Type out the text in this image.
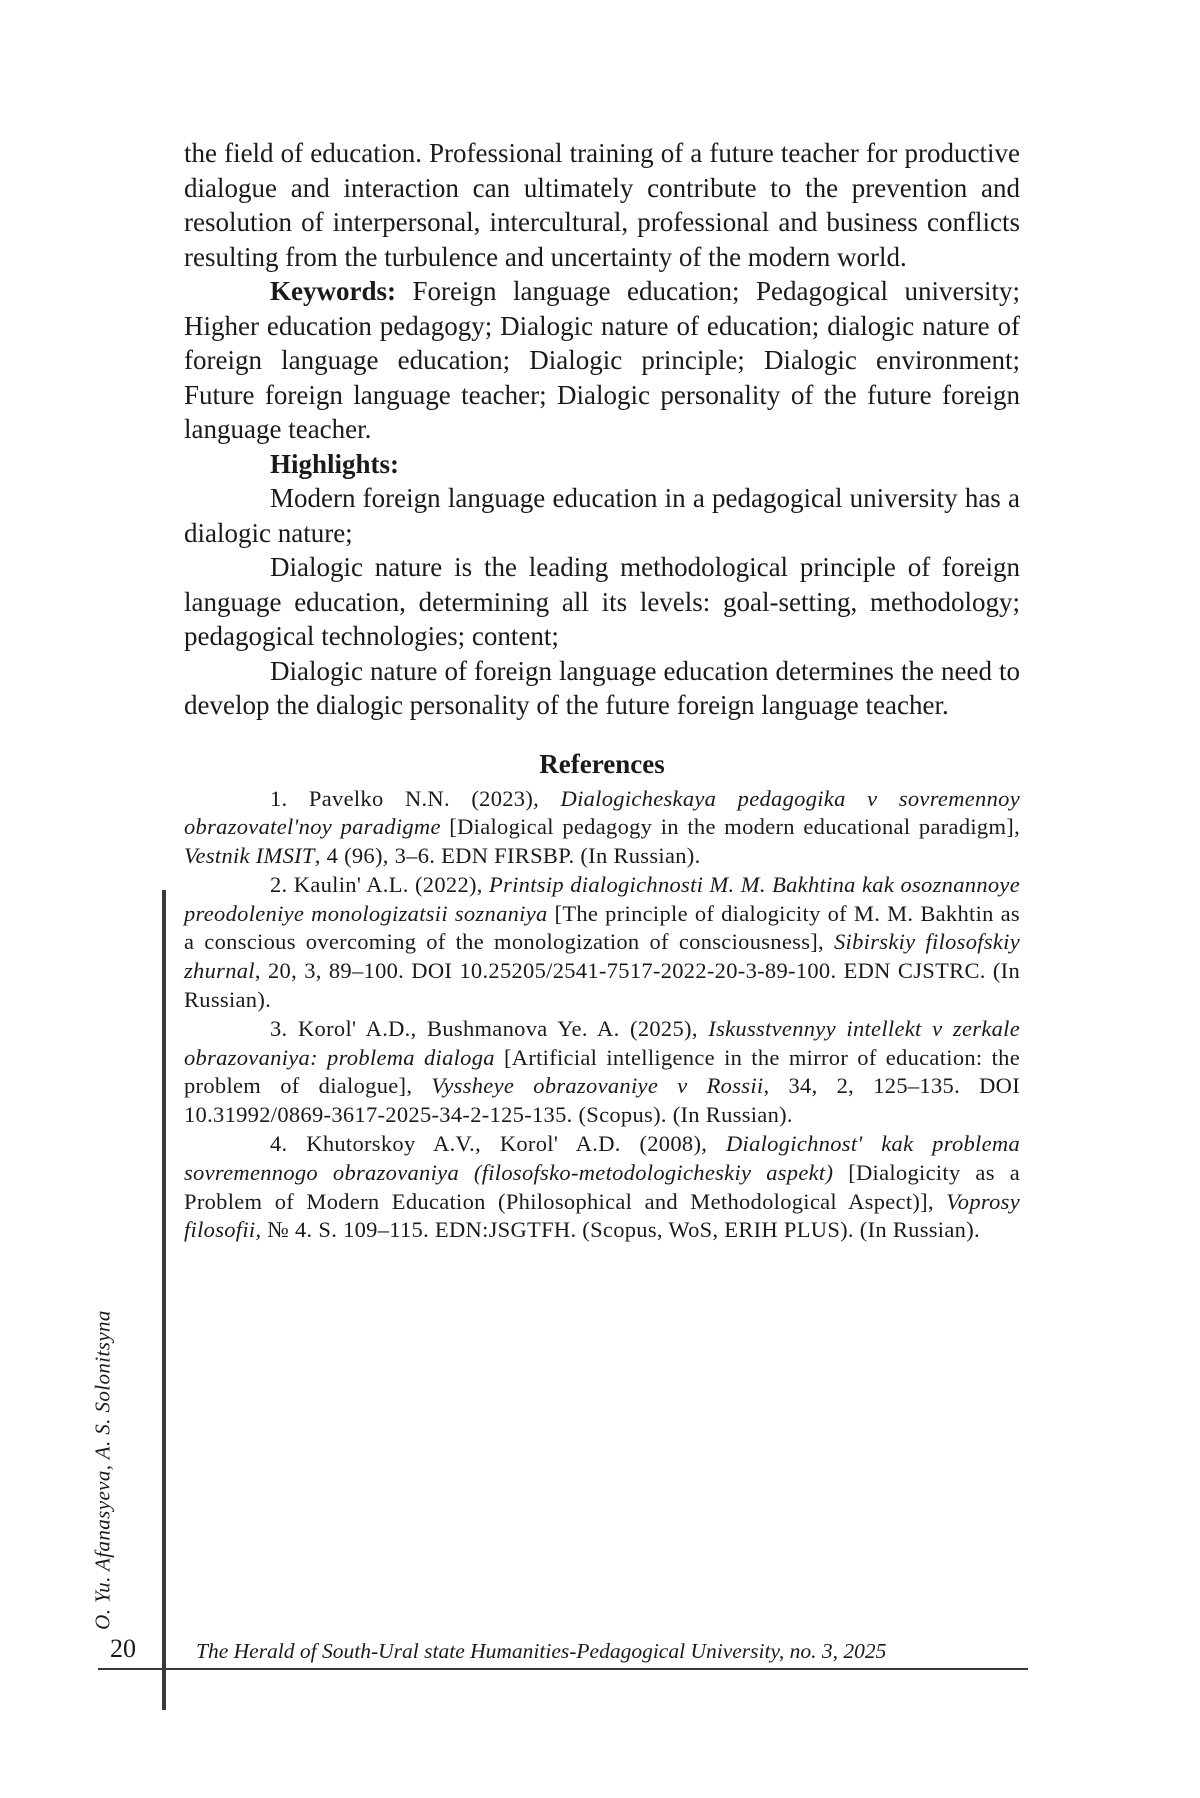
the field of education. Professional training of a future teacher for productive dialogue and interaction can ultimately contribute to the prevention and resolution of interpersonal, intercultural, professional and business conflicts resulting from the turbulence and uncertainty of the modern world.

Keywords: Foreign language education; Pedagogical university; Higher education pedagogy; Dialogic nature of education; dialogic nature of foreign language education; Dialogic principle; Dialogic environment; Future foreign language teacher; Dialogic personality of the future foreign language teacher.

Highlights:

Modern foreign language education in a pedagogical university has a dialogic nature;

Dialogic nature is the leading methodological principle of foreign language education, determining all its levels: goal-setting, methodology; pedagogical technologies; content;

Dialogic nature of foreign language education determines the need to develop the dialogic personality of the future foreign language teacher.

References

1. Pavelko N.N. (2023), Dialogicheskaya pedagogika v sovremennoy obrazovatel'noy paradigme [Dialogical pedagogy in the modern educational paradigm], Vestnik IMSIT, 4 (96), 3–6. EDN FIRSBP. (In Russian).

2. Kaulin' A.L. (2022), Printsip dialogichnosti M. M. Bakhtina kak osoznannoye preodoleniye monologizatsii soznaniya [The principle of dialogicity of M. M. Bakhtin as a conscious overcoming of the monologization of consciousness], Sibirskiy filosofskiy zhurnal, 20, 3, 89–100. DOI 10.25205/2541-7517-2022-20-3-89-100. EDN CJSTRC. (In Russian).

3. Korol' A.D., Bushmanova Ye. A. (2025), Iskusstvennyy intellekt v zerkale obrazovaniya: problema dialoga [Artificial intelligence in the mirror of education: the problem of dialogue], Vyssheye obrazovaniye v Rossii, 34, 2, 125–135. DOI 10.31992/0869-3617-2025-34-2-125-135. (Scopus). (In Russian).

4. Khutorskoy A.V., Korol' A.D. (2008), Dialogichnost' kak problema sovremennogo obrazovaniya (filosofsko-metodologicheskiy aspekt) [Dialogicity as a Problem of Modern Education (Philosophical and Methodological Aspect)], Voprosy filosofii, № 4. S. 109–115. EDN:JSGTFH. (Scopus, WoS, ERIH PLUS). (In Russian).

O. Yu. Afanasyeva, A. S. Solonitsyna
20	The Herald of South-Ural state Humanities-Pedagogical University, no. 3, 2025
